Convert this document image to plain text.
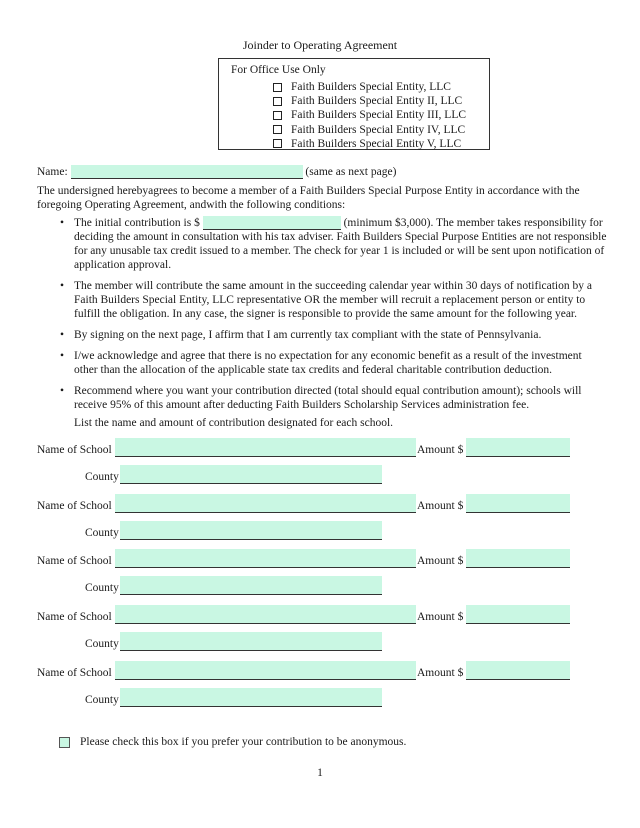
Joinder to Operating Agreement
For Office Use Only
Faith Builders Special Entity, LLC
Faith Builders Special Entity II, LLC
Faith Builders Special Entity III, LLC
Faith Builders Special Entity IV, LLC
Faith Builders Special Entity V, LLC
Name:	(same as next page)
The undersigned herebyagrees to become a member of a Faith Builders Special Purpose Entity in accordance with the foregoing Operating Agreement, andwith the following conditions:
• The initial contribution is $	(minimum $3,000). The member takes responsibility for deciding the amount in consultation with his tax adviser. Faith Builders Special Purpose Entities are not responsible for any unusable tax credit issued to a member. The check for year 1 is included or will be sent upon notification of application approval.
• The member will contribute the same amount in the succeeding calendar year within 30 days of notification by a Faith Builders Special Entity, LLC representative OR the member will recruit a replacement person or entity to fulfill the obligation. In any case, the signer is responsible to provide the same amount for the following year.
• By signing on the next page, I affirm that I am currently tax compliant with the state of Pennsylvania.
• I/we acknowledge and agree that there is no expectation for any economic benefit as a result of the investment other than the allocation of the applicable state tax credits and federal charitable contribution deduction.
• Recommend where you want your contribution directed (total should equal contribution amount); schools will receive 95% of this amount after deducting Faith Builders Scholarship Services administration fee.
List the name and amount of contribution designated for each school.
Name of School	Amount $
County
Name of School	Amount $
County
Name of School	Amount $
County
Name of School	Amount $
County
Name of School	Amount $
County
Please check this box if you prefer your contribution to be anonymous.
1
